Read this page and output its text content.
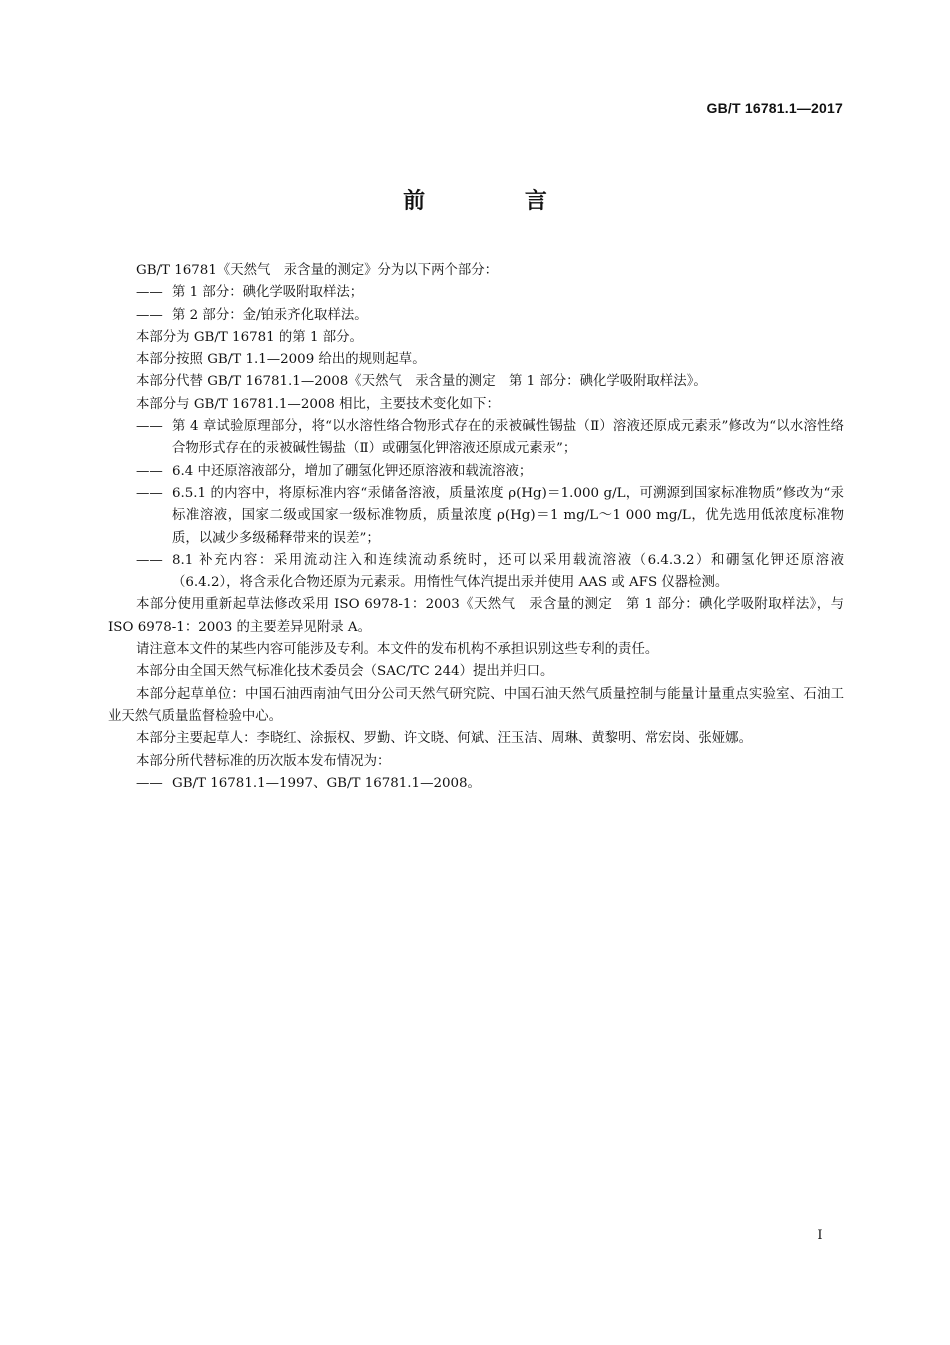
GB/T 16781.1—2017
前 言

GB/T 16781《天然气　汞含量的测定》分为以下两个部分：

—— 第 1 部分：碘化学吸附取样法；
—— 第 2 部分：金/铂汞齐化取样法。

本部分为 GB/T 16781 的第 1 部分。

本部分按照 GB/T 1.1—2009 给出的规则起草。

本部分代替 GB/T 16781.1—2008《天然气　汞含量的测定　第 1 部分：碘化学吸附取样法》。

本部分与 GB/T 16781.1—2008 相比，主要技术变化如下：

—— 第 4 章试验原理部分，将“以水溶性络合物形式存在的汞被碱性锡盐（Ⅱ）溶液还原成元素汞”修改为“以水溶性络合物形式存在的汞被碱性锡盐（Ⅱ）或硼氢化钾溶液还原成元素汞”；
—— 6.4 中还原溶液部分，增加了硼氢化钾还原溶液和载流溶液；
—— 6.5.1 的内容中，将原标准内容“汞储备溶液，质量浓度 ρ(Hg)＝1.000 g/L，可溯源到国家标准物质”修改为“汞标准溶液，国家二级或国家一级标准物质，质量浓度 ρ(Hg)＝1 mg/L～1 000 mg/L，优先选用低浓度标准物质，以减少多级稀释带来的误差”；
—— 8.1 补充内容：采用流动注入和连续流动系统时，还可以采用载流溶液（6.4.3.2）和硼氢化钾还原溶液（6.4.2），将含汞化合物还原为元素汞。用惰性气体汽提出汞并使用 AAS 或 AFS 仪器检测。

本部分使用重新起草法修改采用 ISO 6978-1：2003《天然气　汞含量的测定　第 1 部分：碘化学吸附取样法》，与 ISO 6978-1：2003 的主要差异见附录 A。

请注意本文件的某些内容可能涉及专利。本文件的发布机构不承担识别这些专利的责任。

本部分由全国天然气标准化技术委员会（SAC/TC 244）提出并归口。

本部分起草单位：中国石油西南油气田分公司天然气研究院、中国石油天然气质量控制与能量计量重点实验室、石油工业天然气质量监督检验中心。

本部分主要起草人：李晓红、涂振权、罗勤、许文晓、何斌、汪玉洁、周琳、黄黎明、常宏岗、张娅娜。

本部分所代替标准的历次版本发布情况为：

—— GB/T 16781.1—1997、GB/T 16781.1—2008。
I
